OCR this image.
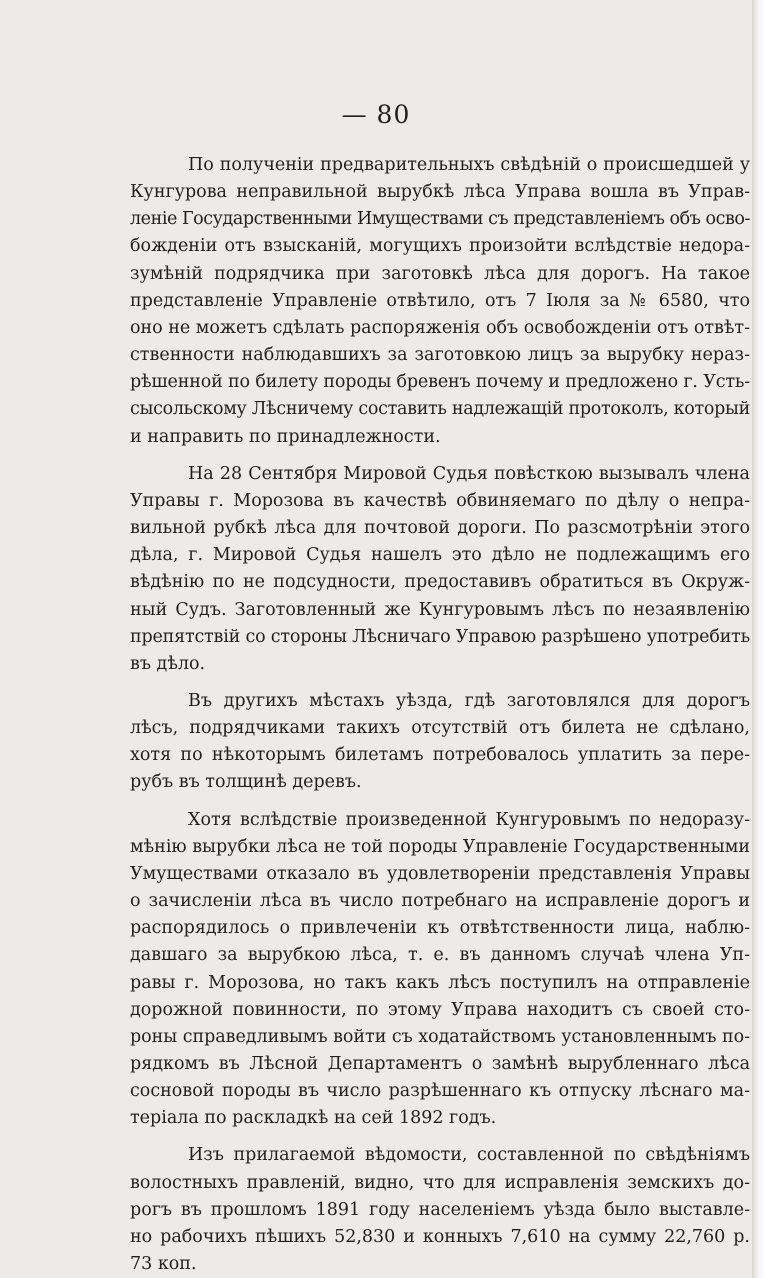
— 80

По полученіи предварительныхъ свѣдѣній о происшедшей у
Кунгурова неправильной вырубкѣ лѣса Управа вошла въ Управ-
леніе Государственными Имуществами съ представленіемъ объ осво-
божденіи отъ взысканій, могущихъ произойти вслѣдствіе недора-
зумѣній подрядчика при заготовкѣ лѣса для дорогъ. На такое
представленіе Управленіе отвѣтило, отъ 7 Іюля за № 6580, что
оно не можетъ сдѣлать распоряженія объ освобожденіи отъ отвѣт-
ственности наблюдавшихъ за заготовкою лицъ за вырубку нераз-
рѣшенной по билету породы бревенъ почему и предложено г. Усть-
сысольскому Лѣсничему составить надлежащій протоколъ, который
и направить по принадлежности.

На 28 Сентября Мировой Судья повѣсткою вызывалъ члена
Управы г. Морозова въ качествѣ обвиняемаго по дѣлу о непра-
вильной рубкѣ лѣса для почтовой дороги. По разсмотрѣніи этого
дѣла, г. Мировой Судья нашелъ это дѣло не подлежащимъ его
вѣдѣнію по не подсудности, предоставивъ обратиться въ Окруж-
ный Судъ. Заготовленный же Кунгуровымъ лѣсъ по незаявленію
препятствій со стороны Лѣсничаго Управою разрѣшено употребить
въ дѣло.

Въ другихъ мѣстахъ уѣзда, гдѣ заготовлялся для дорогъ
лѣсъ, подрядчиками такихъ отсутствій отъ билета не сдѣлано,
хотя по нѣкоторымъ билетамъ потребовалось уплатить за пере-
рубъ въ толщинѣ деревъ.

Хотя вслѣдствіе произведенной Кунгуровымъ по недоразу-
мѣнію вырубки лѣса не той породы Управленіе Государственными
Умуществами отказало въ удовлетвореніи представленія Управы
о зачисленіи лѣса въ число потребнаго на исправленіе дорогъ и
распорядилось о привлеченіи къ отвѣтственности лица, наблю-
давшаго за вырубкою лѣса, т. е. въ данномъ случаѣ члена Уп-
равы г. Морозова, но такъ какъ лѣсъ поступилъ на отправленіе
дорожной повинности, по этому Управа находитъ съ своей сто-
роны справедливымъ войти съ ходатайствомъ установленнымъ по-
рядкомъ въ Лѣсной Департаментъ о замѣнѣ вырубленнаго лѣса
сосновой породы въ число разрѣшеннаго къ отпуску лѣснаго ма-
теріала по раскладкѣ на сей 1892 годъ.

Изъ прилагаемой вѣдомости, составленной по свѣдѣніямъ
волостныхъ правленій, видно, что для исправленія земскихъ до-
рогъ въ прошломъ 1891 году населеніемъ уѣзда было выставле-
но рабочихъ пѣшихъ 52,830 и конныхъ 7,610 на сумму 22,760 р.
73 коп.
